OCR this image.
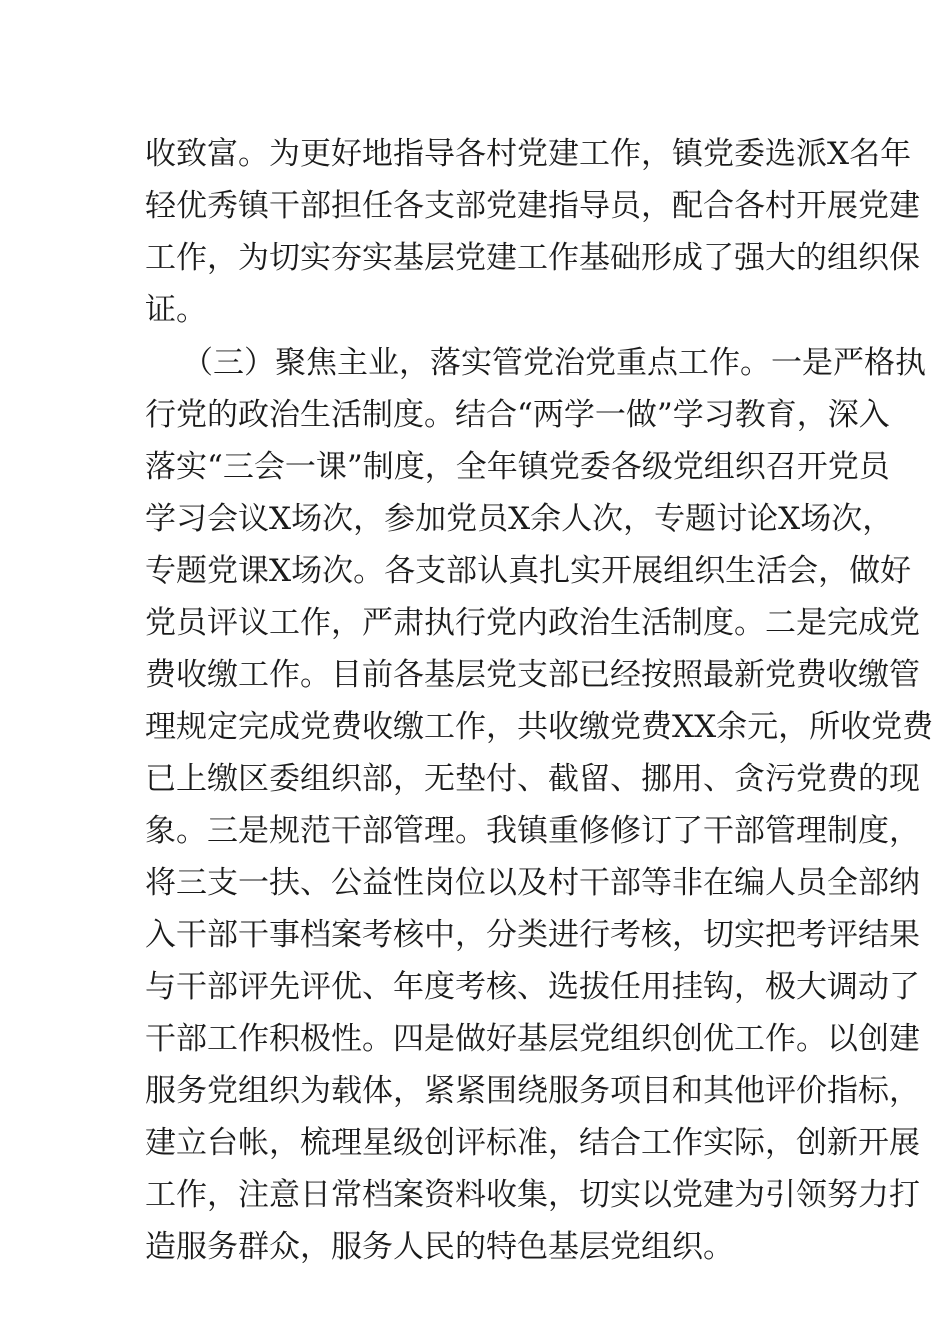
收致富。为更好地指导各村党建工作，镇党委选派X名年

轻优秀镇干部担任各支部党建指导员，配合各村开展党建

工作，为切实夯实基层党建工作基础形成了强大的组织保

证。

（三）聚焦主业，落实管党治党重点工作。一是严格执

行党的政治生活制度。结合“两学一做”学习教育，深入

落实“三会一课”制度，全年镇党委各级党组织召开党员

学习会议X场次，参加党员X余人次，专题讨论X场次，

专题党课X场次。各支部认真扎实开展组织生活会，做好

党员评议工作，严肃执行党内政治生活制度。二是完成党

费收缴工作。目前各基层党支部已经按照最新党费收缴管

理规定完成党费收缴工作，共收缴党费XX余元，所收党费

已上缴区委组织部，无垫付、截留、挪用、贪污党费的现

象。三是规范干部管理。我镇重修修订了干部管理制度，

将三支一扶、公益性岗位以及村干部等非在编人员全部纳

入干部干事档案考核中，分类进行考核，切实把考评结果

与干部评先评优、年度考核、选拔任用挂钩，极大调动了

干部工作积极性。四是做好基层党组织创优工作。以创建

服务党组织为载体，紧紧围绕服务项目和其他评价指标，

建立台帐，梳理星级创评标准，结合工作实际，创新开展

工作，注意日常档案资料收集，切实以党建为引领努力打

造服务群众，服务人民的特色基层党组织。
